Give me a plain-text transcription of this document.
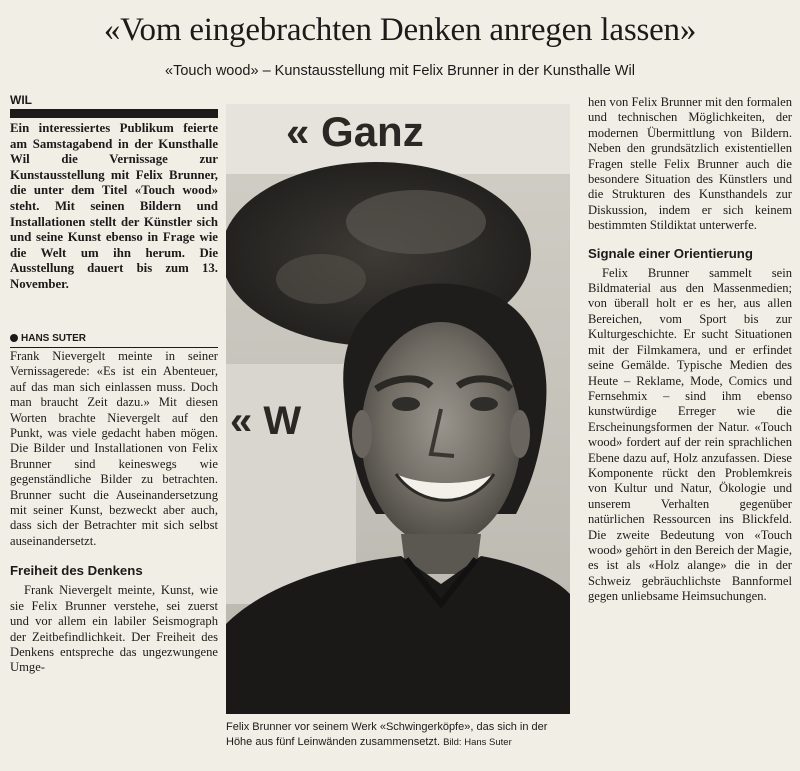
«Vom eingebrachten Denken anregen lassen»
«Touch wood» – Kunstausstellung mit Felix Brunner in der Kunsthalle Wil
WIL
Ein interessiertes Publikum feierte am Samstagabend in der Kunsthalle Wil die Vernissage zur Kunstausstellung mit Felix Brunner, die unter dem Titel «Touch wood» steht. Mit seinen Bildern und Installationen stellt der Künstler sich und seine Kunst ebenso in Frage wie die Welt um ihn herum. Die Ausstellung dauert bis zum 13. November.
HANS SUTER

Frank Nievergelt meinte in seiner Vernissagerede: «Es ist ein Abenteuer, auf das man sich einlassen muss. Doch man braucht Zeit dazu.» Mit diesen Worten brachte Nievergelt auf den Punkt, was viele gedacht haben mögen. Die Bilder und Installationen von Felix Brunner sind keineswegs wie gegenständliche Bilder zu betrachten. Brunner sucht die Auseinandersetzung mit seiner Kunst, bezweckt aber auch, dass sich der Betrachter mit sich selbst auseinandersetzt.

Freiheit des Denkens

Frank Nievergelt meinte, Kunst, wie sie Felix Brunner verstehe, sei zuerst und vor allem ein labiler Seismograph der Zeitbefindlichkeit. Der Freiheit des Denkens entspreche das ungezwungene Umge-

« Ganz
« W
Felix Brunner vor seinem Werk «Schwingerköpfe», das sich in der Höhe aus fünf Leinwänden zusammensetzt. Bild: Hans Suter

hen von Felix Brunner mit den formalen und technischen Möglichkeiten, der modernen Übermittlung von Bildern. Neben den grundsätzlich existentiellen Fragen stelle Felix Brunner auch die besondere Situation des Künstlers und die Strukturen des Kunsthandels zur Diskussion, indem er sich keinem bestimmten Stildiktat unterwerfe.

Signale einer Orientierung

Felix Brunner sammelt sein Bildmaterial aus den Massenmedien; von überall holt er es her, aus allen Bereichen, vom Sport bis zur Kulturgeschichte. Er sucht Situationen mit der Filmkamera, und er erfindet seine Gemälde. Typische Medien des Heute – Reklame, Mode, Comics und Fernsehmix – sind ihm ebenso kunstwürdige Erreger wie die Erscheinungsformen der Natur. «Touch wood» fordert auf der rein sprachlichen Ebene dazu auf, Holz anzufassen. Diese Komponente rückt den Problemkreis von Kultur und Natur, Ökologie und unserem Verhalten gegenüber natürlichen Ressourcen ins Blickfeld. Die zweite Bedeutung von «Touch wood» gehört in den Bereich der Magie, es ist als «Holz alange» die in der Schweiz gebräuchlichste Bannformel gegen unliebsame Heimsuchungen.
